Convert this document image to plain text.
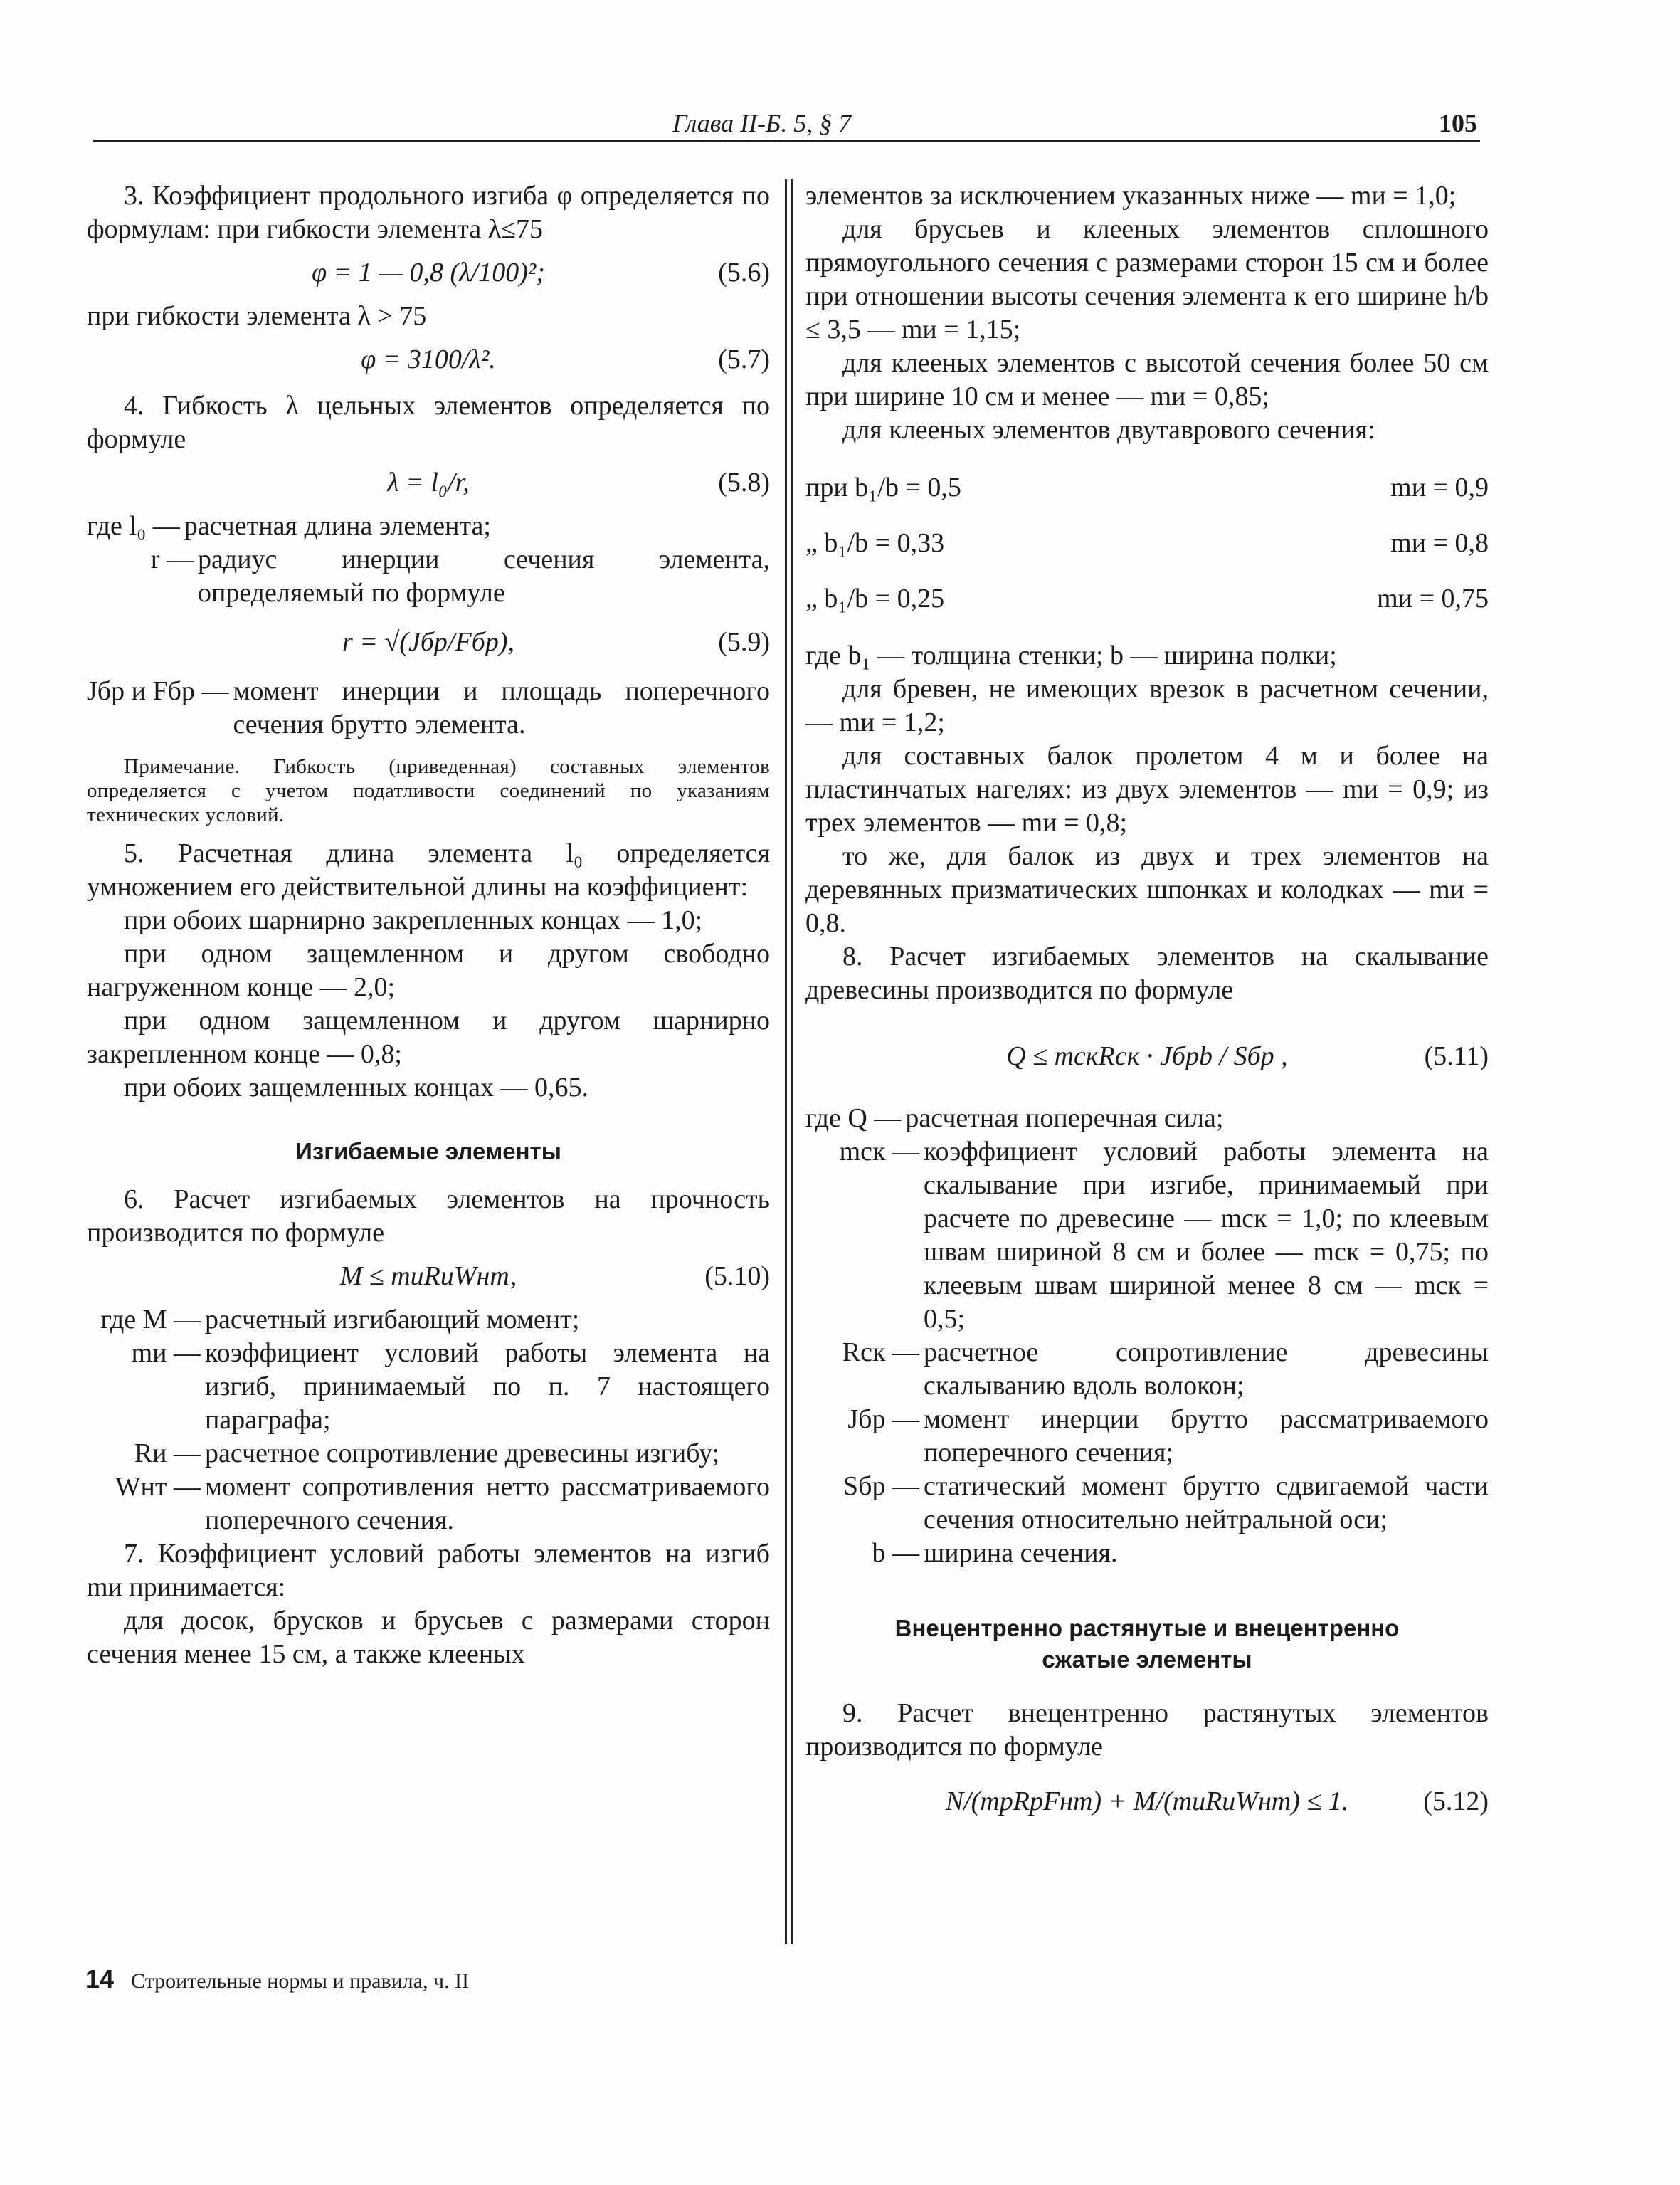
Глава II-Б. 5, § 7	105

3. Коэффициент продольного изгиба φ определяется по формулам: при гибкости элемента λ≤75

φ = 1 — 0,8 (λ/100)²;	(5.6)

при гибкости элемента λ > 75

φ = 3100/λ².	(5.7)

4. Гибкость λ цельных элементов определяется по формуле

λ = l₀/r,	(5.8)
где l₀ — расчетная длина элемента;
r — радиус инерции сечения элемента, определяемый по формуле
r = √(Jбр/Fбр),	(5.9)
Jбр и Fбр — момент инерции и площадь поперечного сечения брутто элемента.

Примечание. Гибкость (приведенная) составных элементов определяется с учетом податливости соединений по указаниям технических условий.

5. Расчетная длина элемента l₀ определяется умножением его действительной длины на коэффициент:

при обоих шарнирно закрепленных концах — 1,0;

при одном защемленном и другом свободно нагруженном конце — 2,0;

при одном защемленном и другом шарнирно закрепленном конце — 0,8;

при обоих защемленных концах — 0,65.

Изгибаемые элементы

6. Расчет изгибаемых элементов на прочность производится по формуле

M ≤ mиRиWнт,	(5.10)
где M — расчетный изгибающий момент;
mи — коэффициент условий работы элемента на изгиб, принимаемый по п. 7 настоящего параграфа;
Rи — расчетное сопротивление древесины изгибу;
Wнт — момент сопротивления нетто рассматриваемого поперечного сечения.

7. Коэффициент условий работы элементов на изгиб mи принимается:

для досок, брусков и брусьев с размерами сторон сечения менее 15 см, а также клееных

элементов за исключением указанных ниже — mи = 1,0;

для брусьев и клееных элементов сплошного прямоугольного сечения с размерами сторон 15 см и более при отношении высоты сечения элемента к его ширине h/b ≤ 3,5 — mи = 1,15;

для клееных элементов с высотой сечения более 50 см при ширине 10 см и менее — mи = 0,85;

для клееных элементов двутаврового сечения:

при b₁/b = 0,5	mи = 0,9
„ b₁/b = 0,33	mи = 0,8
„ b₁/b = 0,25	mи = 0,75

где b₁ — толщина стенки; b — ширина полки;

для бревен, не имеющих врезок в расчетном сечении, — mи = 1,2;

для составных балок пролетом 4 м и более на пластинчатых нагелях: из двух элементов — mи = 0,9; из трех элементов — mи = 0,8;

то же, для балок из двух и трех элементов на деревянных призматических шпонках и колодках — mи = 0,8.

8. Расчет изгибаемых элементов на скалывание древесины производится по формуле

Q ≤ mскRск · Jбрb / Sбр ,	(5.11)
где Q — расчетная поперечная сила;
mск — коэффициент условий работы элемента на скалывание при изгибе, принимаемый при расчете по древесине — mск = 1,0; по клеевым швам шириной 8 см и более — mск = 0,75; по клеевым швам шириной менее 8 см — mск = 0,5;
Rск — расчетное сопротивление древесины скалыванию вдоль волокон;
Jбр — момент инерции брутто рассматриваемого поперечного сечения;
Sбр — статический момент брутто сдвигаемой части сечения относительно нейтральной оси;
b — ширина сечения.

Внецентренно растянутые и внецентренно сжатые элементы

9. Расчет внецентренно растянутых элементов производится по формуле

N/(mрRрFнт) + M/(mиRиWнт) ≤ 1.	(5.12)
14 Строительные нормы и правила, ч. II
